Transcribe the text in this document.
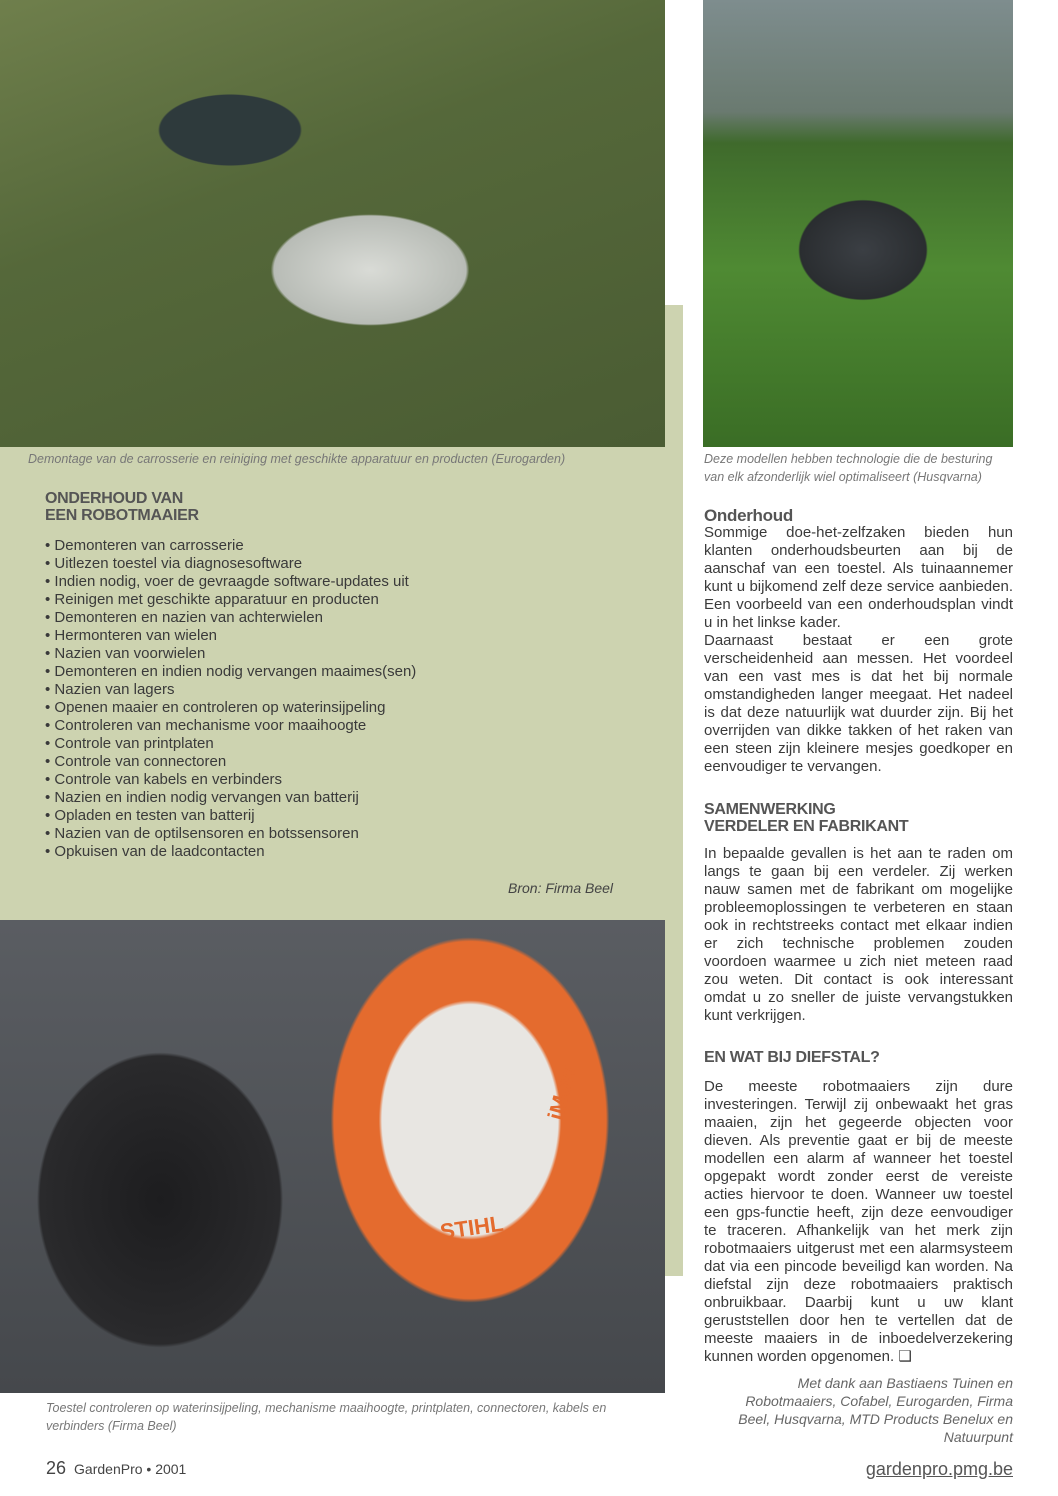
STIHL
iMow
Demontage van de carrosserie en reiniging met geschikte apparatuur en producten (Eurogarden)	Deze modellen hebben technologie die de besturing van elk afzonderlijk wiel optimaliseert (Husqvarna)
ONDERHOUD VAN
EEN ROBOTMAAIER
• Demonteren van carrosserie
• Uitlezen toestel via diagnosesoftware
• Indien nodig, voer de gevraagde software-updates uit
• Reinigen met geschikte apparatuur en producten
• Demonteren en nazien van achterwielen
• Hermonteren van wielen
• Nazien van voorwielen
• Demonteren en indien nodig vervangen maaimes(sen)
• Nazien van lagers
• Openen maaier en controleren op waterinsijpeling
• Controleren van mechanisme voor maaihoogte
• Controle van printplaten
• Controle van connectoren
• Controle van kabels en verbinders
• Nazien en indien nodig vervangen van batterij
• Opladen en testen van batterij
• Nazien van de optilsensoren en botssensoren
• Opkuisen van de laadcontacten
Bron: Firma Beel
Toestel controleren op waterinsijpeling, mechanisme maaihoogte, printplaten, connectoren, kabels en verbinders (Firma Beel)
Onderhoud
Sommige doe-het-zelfzaken bieden hun klanten onderhoudsbeurten aan bij de aanschaf van een toestel. Als tuinaannemer kunt u bijkomend zelf deze service aanbieden. Een voorbeeld van een onderhoudsplan vindt u in het linkse kader.
Daarnaast bestaat er een grote verscheidenheid aan messen. Het voordeel van een vast mes is dat het bij normale omstandigheden langer meegaat. Het nadeel is dat deze natuurlijk wat duurder zijn. Bij het overrijden van dikke takken of het raken van een steen zijn kleinere mesjes goedkoper en eenvoudiger te vervangen.
SAMENWERKING
VERDELER EN FABRIKANT
In bepaalde gevallen is het aan te raden om langs te gaan bij een verdeler. Zij werken nauw samen met de fabrikant om mogelijke probleemoplossingen te verbeteren en staan ook in rechtstreeks contact met elkaar indien er zich technische problemen zouden voordoen waarmee u zich niet meteen raad zou weten. Dit contact is ook interessant omdat u zo sneller de juiste vervangstukken kunt verkrijgen.
EN WAT BIJ DIEFSTAL?
De meeste robotmaaiers zijn dure investeringen. Terwijl zij onbewaakt het gras maaien, zijn het gegeerde objecten voor dieven. Als preventie gaat er bij de meeste modellen een alarm af wanneer het toestel opgepakt wordt zonder eerst de vereiste acties hiervoor te doen. Wanneer uw toestel een gps-functie heeft, zijn deze eenvoudiger te traceren. Afhankelijk van het merk zijn robotmaaiers uitgerust met een alarmsysteem dat via een pincode beveiligd kan worden. Na diefstal zijn deze robotmaaiers praktisch onbruikbaar. Daarbij kunt u uw klant geruststellen door hen te vertellen dat de meeste maaiers in de inboedelverzekering kunnen worden opgenomen. ❑
Met dank aan Bastiaens Tuinen en Robotmaaiers, Cofabel, Eurogarden, Firma Beel, Husqvarna, MTD Products Benelux en Natuurpunt
26 GardenPro • 2001	gardenpro.pmg.be
